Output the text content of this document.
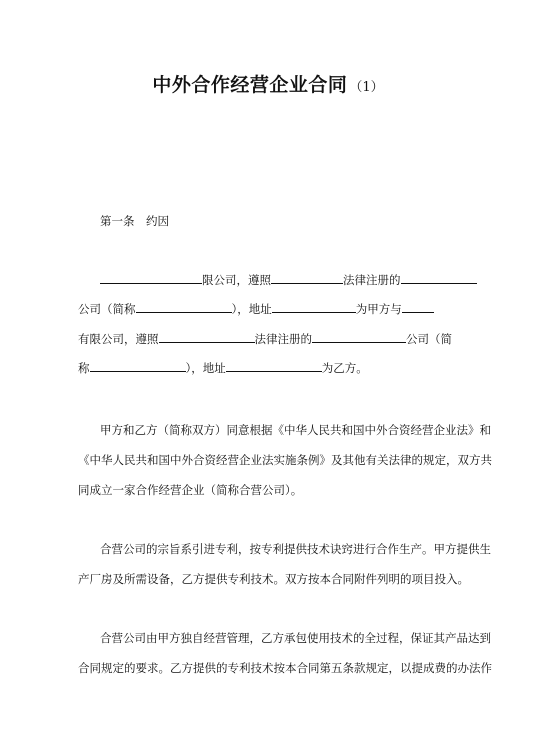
中外合作经营企业合同 （1）
第一条　约因
限公司，遵照	法律注册的
公司（简称	），地址	为甲方与
有限公司，遵照	法律注册的	公司（简
称	），地址	为乙方。
甲方和乙方（简称双方）同意根据《中华人民共和国中外合资经营企业法》和
《中华人民共和国中外合资经营企业法实施条例》及其他有关法律的规定，双方共
同成立一家合作经营企业（简称合营公司）。
合营公司的宗旨系引进专利，按专利提供技术诀窍进行合作生产。甲方提供生
产厂房及所需设备，乙方提供专利技术。双方按本合同附件列明的项目投入。
合营公司由甲方独自经营管理，乙方承包使用技术的全过程，保证其产品达到
合同规定的要求。乙方提供的专利技术按本合同第五条款规定，以提成费的办法作
